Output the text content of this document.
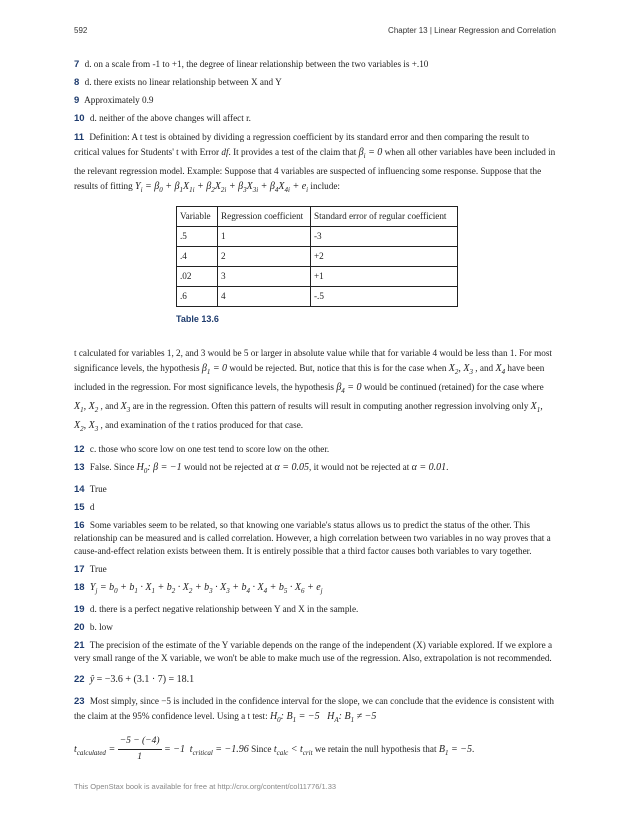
592	Chapter 13 | Linear Regression and Correlation
7 d. on a scale from -1 to +1, the degree of linear relationship between the two variables is +.10
8 d. there exists no linear relationship between X and Y
9 Approximately 0.9
10 d. neither of the above changes will affect r.
11 Definition: A t test is obtained by dividing a regression coefficient by its standard error and then comparing the result to critical values for Students' t with Error df. It provides a test of the claim that $\beta_i = 0$ when all other variables have been included in the relevant regression model. Example: Suppose that 4 variables are suspected of influencing some response. Suppose that the results of fitting $Y_i = \beta_0 + \beta_1X_{1i} + \beta_2X_{2i} + \beta_3X_{3i} + \beta_4X_{4i} + e_i$ include:
Variable	Regression coefficient	Standard error of regular coefficient
.5	1	-3
.4	2	+2
.02	3	+1
.6	4	-.5
Table 13.6
t calculated for variables 1, 2, and 3 would be 5 or larger in absolute value while that for variable 4 would be less than 1. For most significance levels, the hypothesis $\beta_1 = 0$ would be rejected. But, notice that this is for the case when $X_2$, $X_3$ , and $X_4$ have been included in the regression. For most significance levels, the hypothesis $\beta_4 = 0$ would be continued (retained) for the case where $X_1$, $X_2$ , and $X_3$ are in the regression. Often this pattern of results will result in computing another regression involving only $X_1$, $X_2$, $X_3$ , and examination of the t ratios produced for that case.
12 c. those who score low on one test tend to score low on the other.
13 False. Since $H_0$: β = −1 would not be rejected at α = 0.05, it would not be rejected at α = 0.01.
14 True
15 d
16 Some variables seem to be related, so that knowing one variable's status allows us to predict the status of the other. This relationship can be measured and is called correlation. However, a high correlation between two variables in no way proves that a cause-and-effect relation exists between them. It is entirely possible that a third factor causes both variables to vary together.
17 True
18 $Y_j = b_0 + b_1 \cdot X_1 + b_2 \cdot X_2 + b_3 \cdot X_3 + b_4 \cdot X_4 + b_5 \cdot X_6 + e_j$
19 d. there is a perfect negative relationship between Y and X in the sample.
20 b. low
21 The precision of the estimate of the Y variable depends on the range of the independent (X) variable explored. If we explore a very small range of the X variable, we won't be able to make much use of the regression. Also, extrapolation is not recommended.
22 ŷ = −3.6 + (3.1 · 7) = 18.1
23 Most simply, since −5 is included in the confidence interval for the slope, we can conclude that the evidence is consistent with the claim at the 95% confidence level. Using a t test: $H_0$: $B_1 = -5$   $H_A$: $B_1 \ne -5$
$t_{calculated} = \frac{-5 - (-4)}{1} = -1$  $t_{critical} = -1.96$ Since $t_{calc} < t_{crit}$ we retain the null hypothesis that $B_1 = -5$.
This OpenStax book is available for free at http://cnx.org/content/col11776/1.33
